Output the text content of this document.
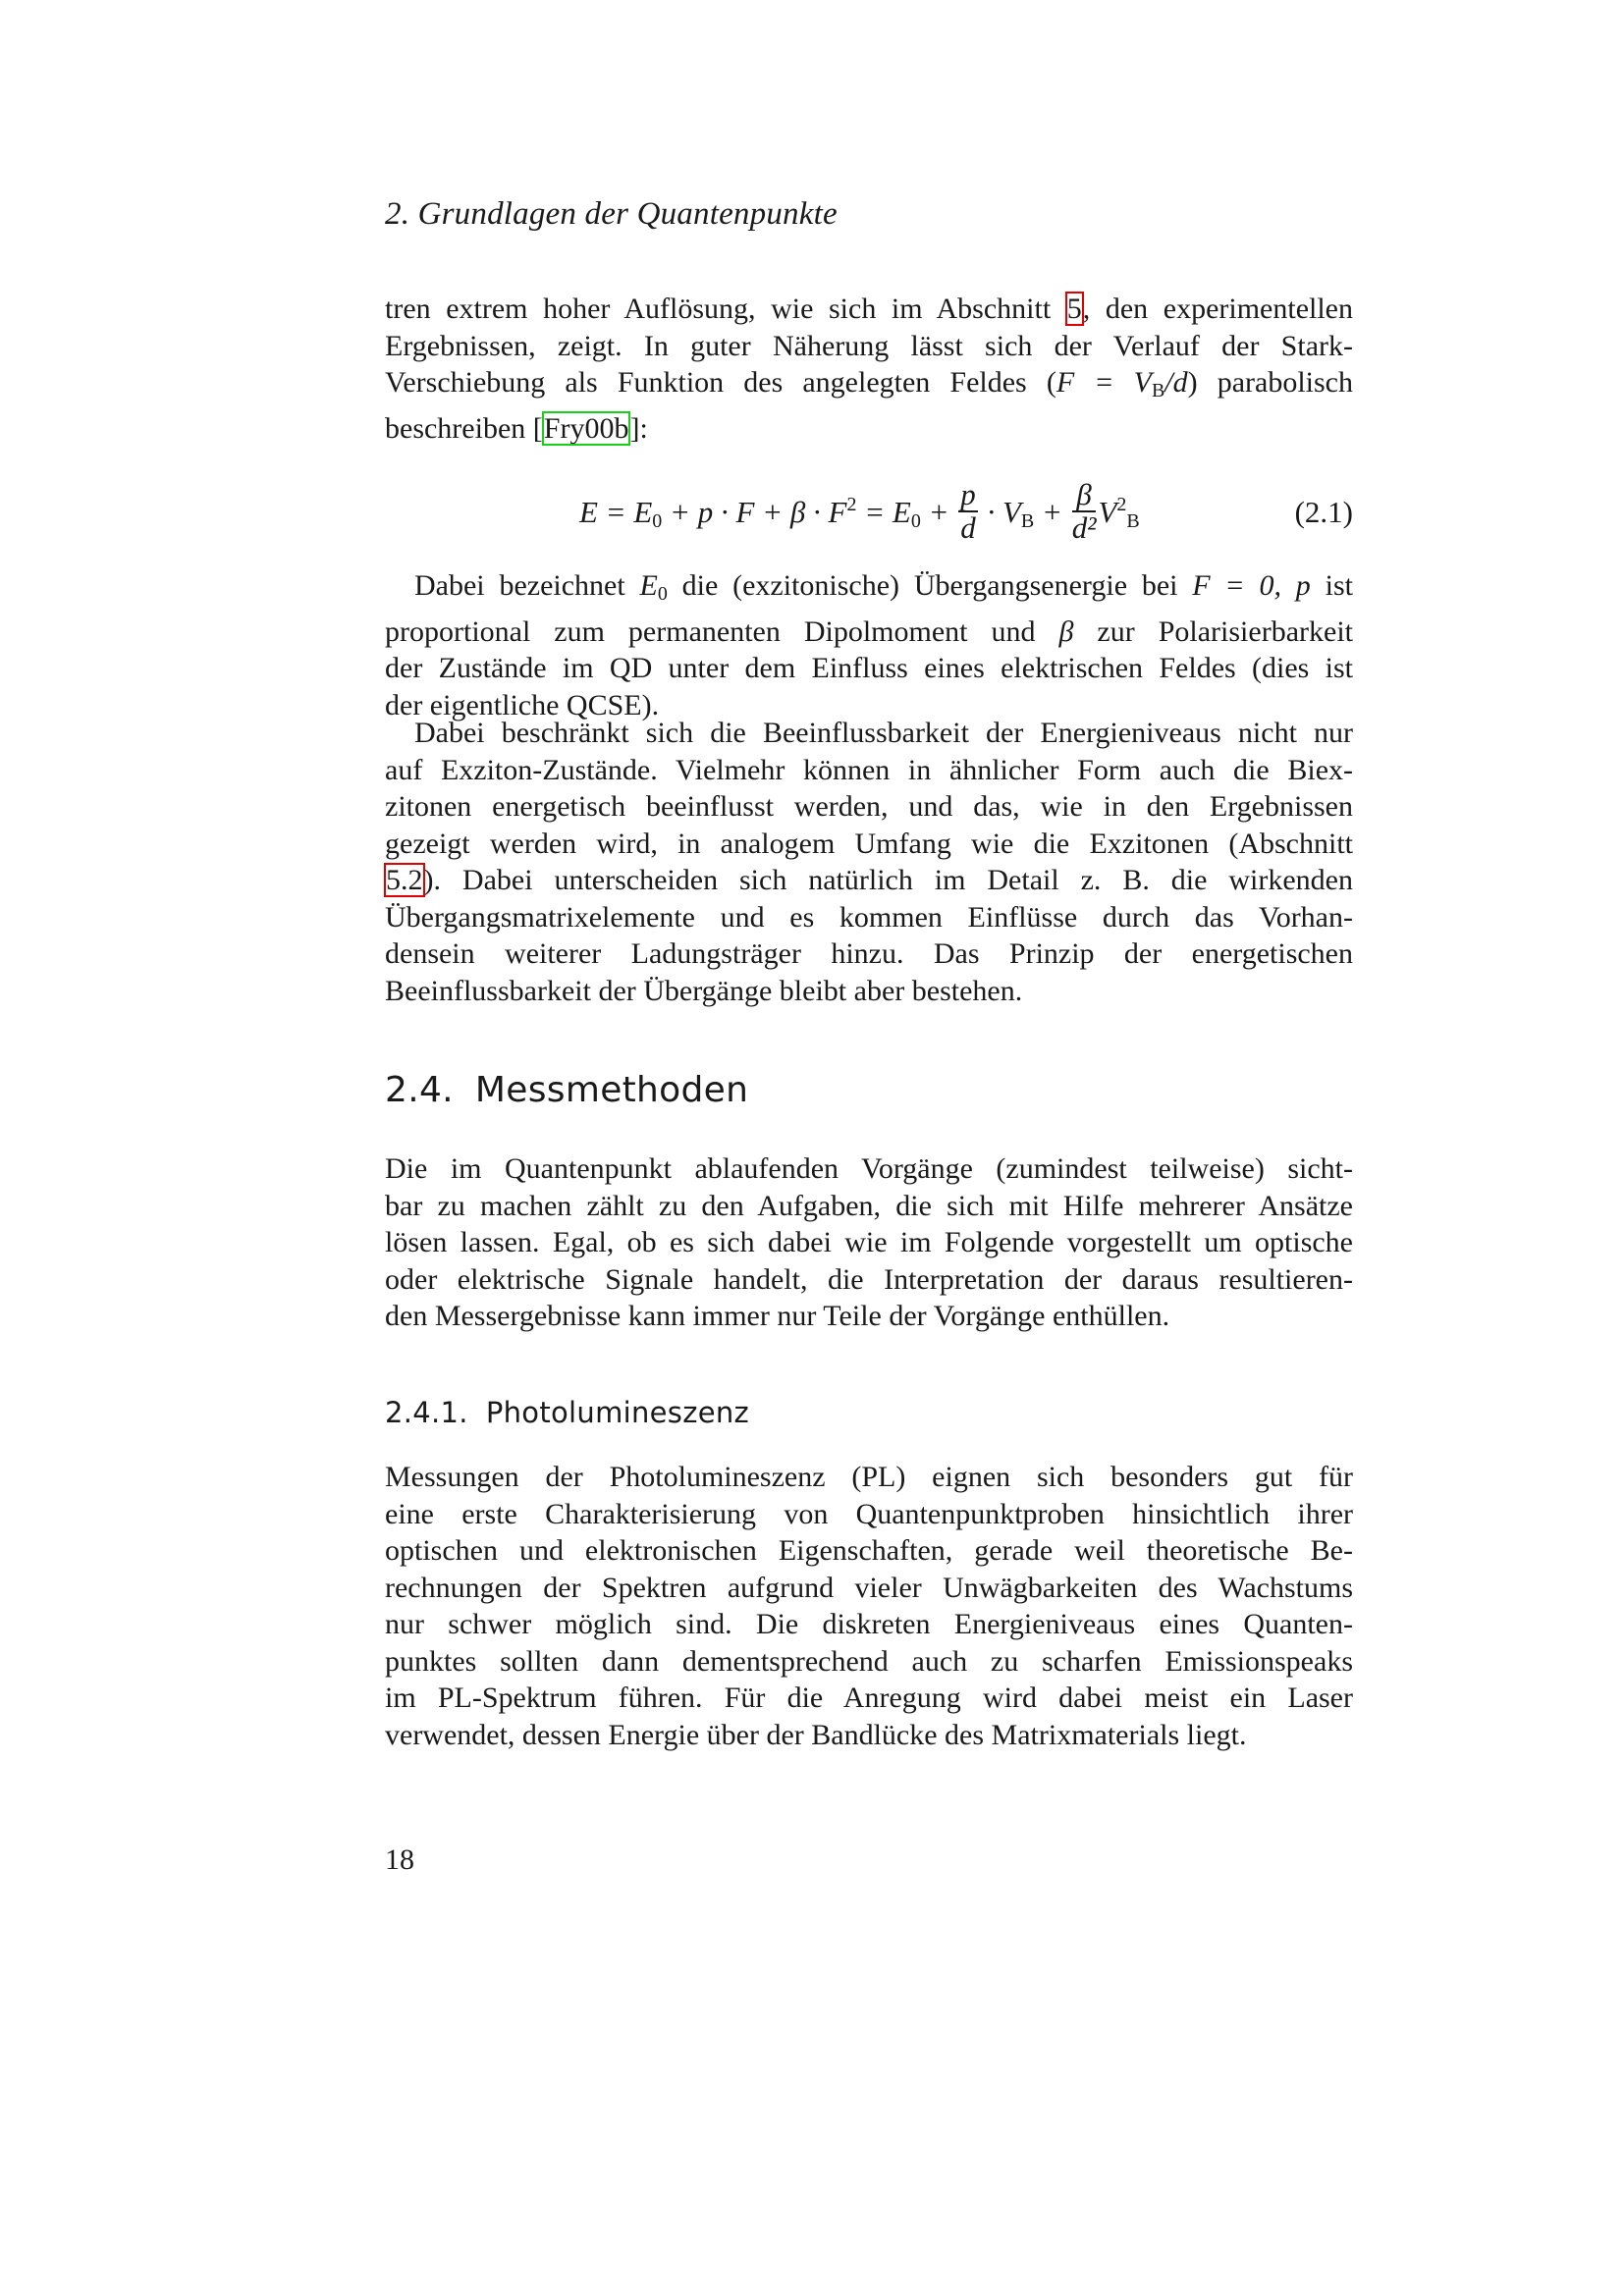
2. Grundlagen der Quantenpunkte
tren extrem hoher Auflösung, wie sich im Abschnitt 5, den experimentellen
Ergebnissen, zeigt. In guter Näherung lässt sich der Verlauf der Stark-
Verschiebung als Funktion des angelegten Feldes $(F = V_B/d)$ parabolisch
beschreiben [Fry00b]:
$E = E_0 + p \cdot F + \beta \cdot F^2 = E_0 + \frac{p}{d} \cdot V_B + \frac{\beta}{\text{d²}} V^2_B$	(2.1)
Dabei bezeichnet $E_0$ die (exzitonische) Übergangsenergie bei F = 0, p ist
proportional zum permanenten Dipolmoment und β zur Polarisierbarkeit
der Zustände im QD unter dem Einfluss eines elektrischen Feldes (dies ist
der eigentliche QCSE).
Dabei beschränkt sich die Beeinflussbarkeit der Energieniveaus nicht nur
auf Exziton-Zustände. Vielmehr können in ähnlicher Form auch die Biex-
zitonen energetisch beeinflusst werden, und das, wie in den Ergebnissen
gezeigt werden wird, in analogem Umfang wie die Exzitonen (Abschnitt
5.2). Dabei unterscheiden sich natürlich im Detail z. B. die wirkenden
Übergangsmatrixelemente und es kommen Einflüsse durch das Vorhan-
densein weiterer Ladungsträger hinzu. Das Prinzip der energetischen
Beeinflussbarkeit der Übergänge bleibt aber bestehen.
2.4. Messmethoden
Die im Quantenpunkt ablaufenden Vorgänge (zumindest teilweise) sicht-
bar zu machen zählt zu den Aufgaben, die sich mit Hilfe mehrerer Ansätze
lösen lassen. Egal, ob es sich dabei wie im Folgende vorgestellt um optische
oder elektrische Signale handelt, die Interpretation der daraus resultieren-
den Messergebnisse kann immer nur Teile der Vorgänge enthüllen.
2.4.1. Photolumineszenz
Messungen der Photolumineszenz (PL) eignen sich besonders gut für
eine erste Charakterisierung von Quantenpunktproben hinsichtlich ihrer
optischen und elektronischen Eigenschaften, gerade weil theoretische Be-
rechnungen der Spektren aufgrund vieler Unwägbarkeiten des Wachstums
nur schwer möglich sind. Die diskreten Energieniveaus eines Quanten-
punktes sollten dann dementsprechend auch zu scharfen Emissionspeaks
im PL-Spektrum führen. Für die Anregung wird dabei meist ein Laser
verwendet, dessen Energie über der Bandlücke des Matrixmaterials liegt.
18
